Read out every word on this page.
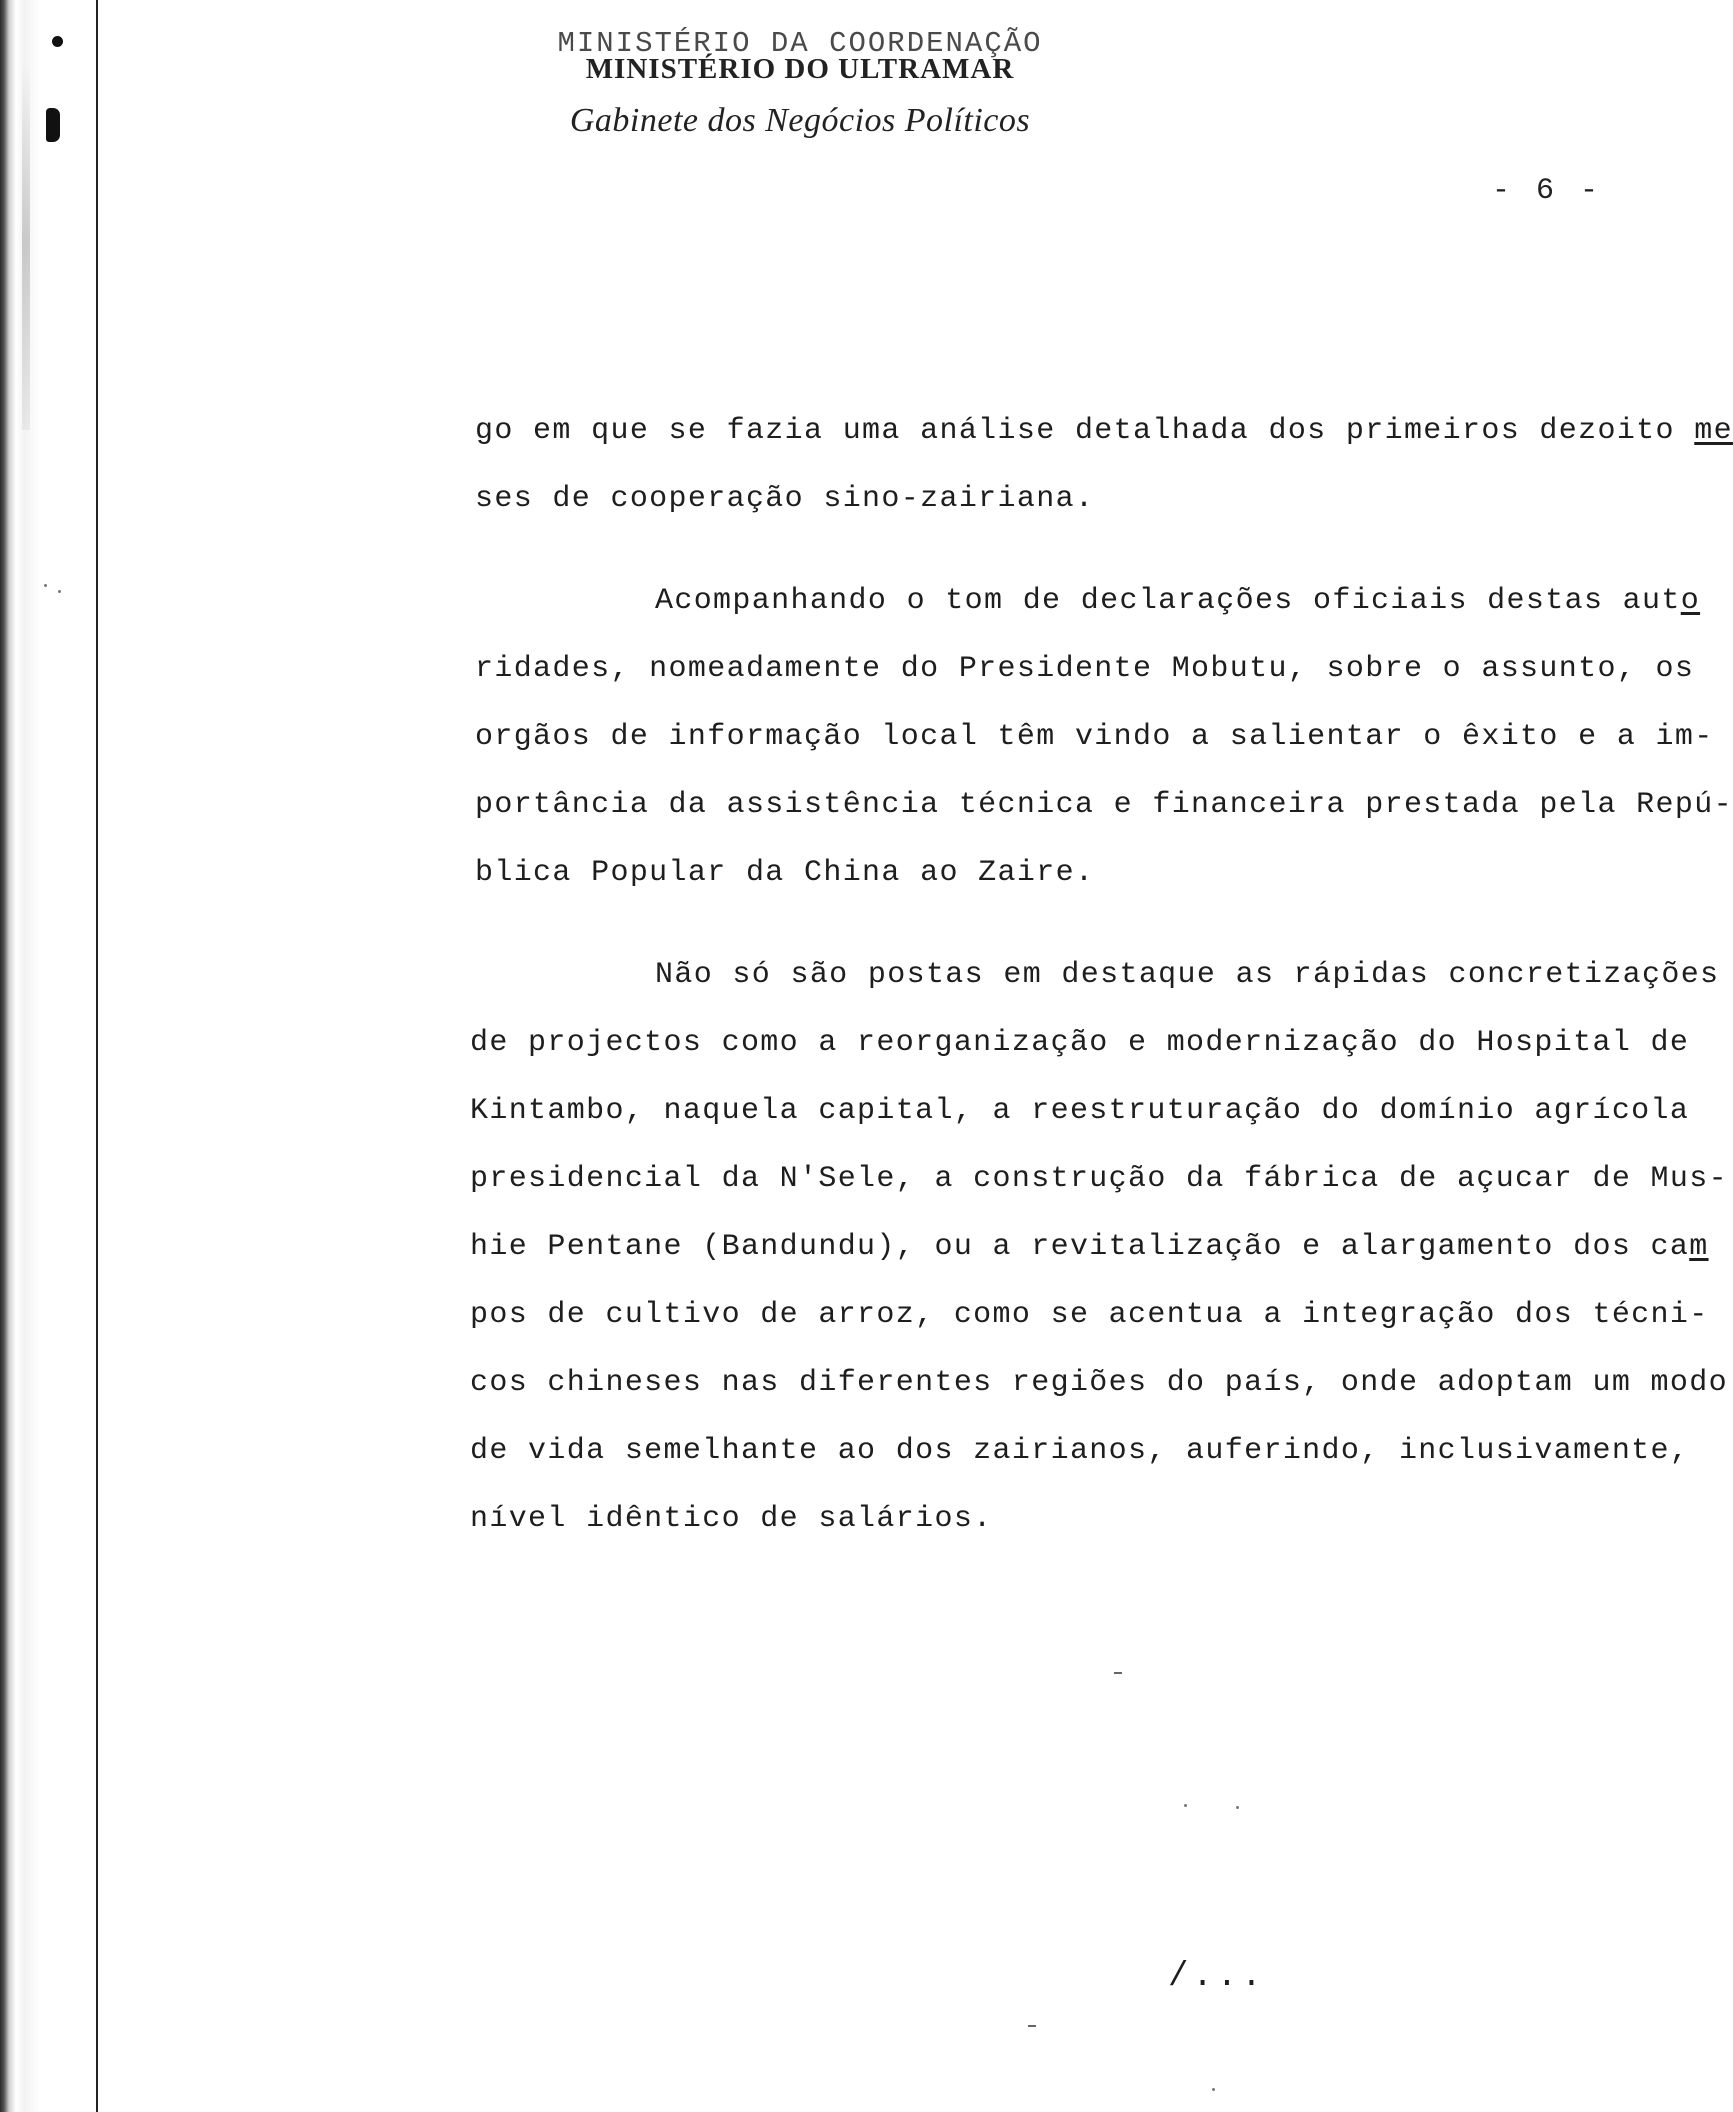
MINISTÉRIO DA COORDENAÇÃO
MINISTÉRIO DO ULTRAMAR
Gabinete dos Negócios Políticos
- 6 -
go em que se fazia uma análise detalhada dos primeiros dezoito me
ses de cooperação sino-zairiana.
Acompanhando o tom de declarações oficiais destas auto
ridades, nomeadamente do Presidente Mobutu, sobre o assunto, os
orgãos de informação local têm vindo a salientar o êxito e a im-
portância da assistência técnica e financeira prestada pela Repú-
blica Popular da China ao Zaire.
Não só são postas em destaque as rápidas concretizações
de projectos como a reorganização e modernização do Hospital de
Kintambo, naquela capital, a reestruturação do domínio agrícola
presidencial da N'Sele, a construção da fábrica de açucar de Mus-
hie Pentane (Bandundu), ou a revitalização e alargamento dos cam
pos de cultivo de arroz, como se acentua a integração dos técni-
cos chineses nas diferentes regiões do país, onde adoptam um modo
de vida semelhante ao dos zairianos, auferindo, inclusivamente,
nível idêntico de salários.
/...
